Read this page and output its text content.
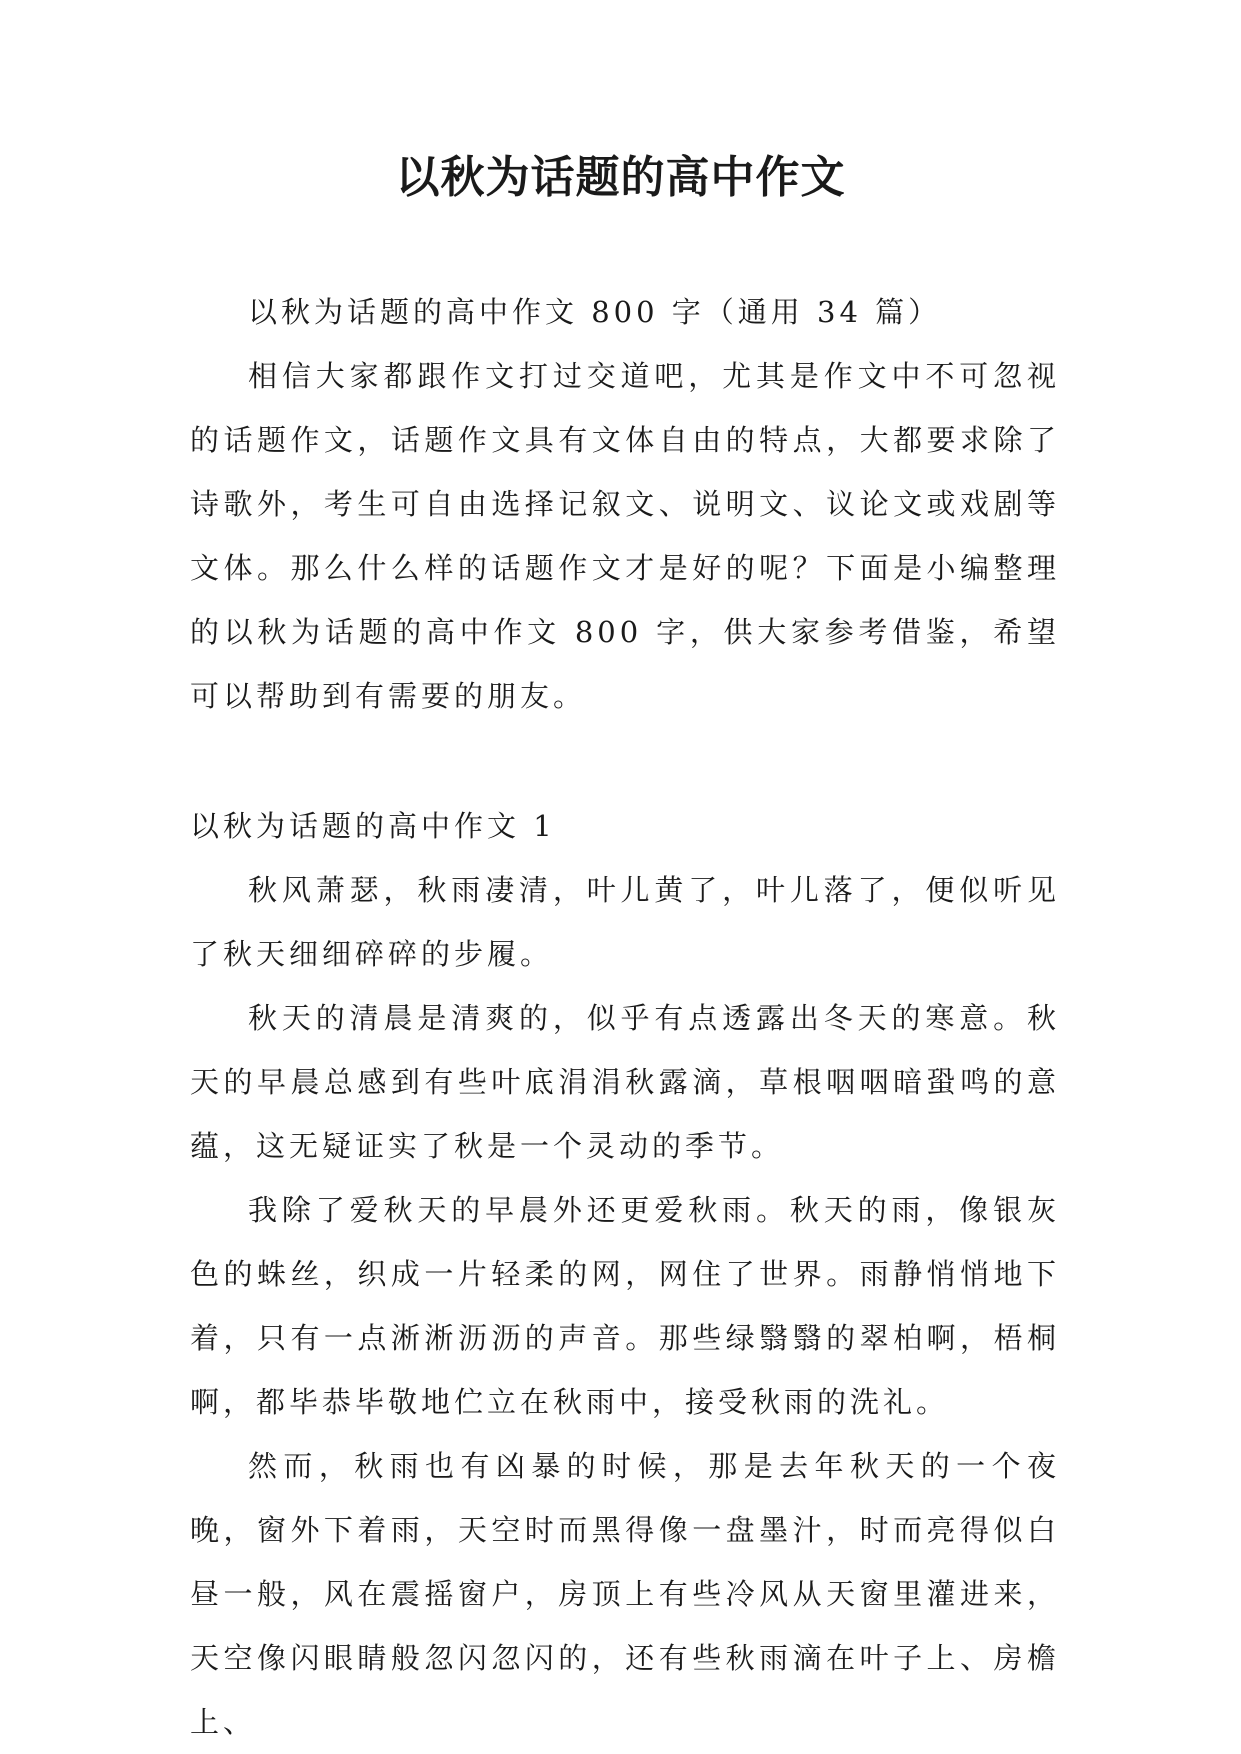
以秋为话题的高中作文

以秋为话题的高中作文 800 字（通用 34 篇）

相信大家都跟作文打过交道吧，尤其是作文中不可忽视的话题作文，话题作文具有文体自由的特点，大都要求除了诗歌外，考生可自由选择记叙文、说明文、议论文或戏剧等文体。那么什么样的话题作文才是好的呢？下面是小编整理的以秋为话题的高中作文 800 字，供大家参考借鉴，希望可以帮助到有需要的朋友。

以秋为话题的高中作文 1

秋风萧瑟，秋雨凄清，叶儿黄了，叶儿落了，便似听见了秋天细细碎碎的步履。

秋天的清晨是清爽的，似乎有点透露出冬天的寒意。秋天的早晨总感到有些叶底涓涓秋露滴，草根咽咽暗蛩鸣的意蕴，这无疑证实了秋是一个灵动的季节。

我除了爱秋天的早晨外还更爱秋雨。秋天的雨，像银灰色的蛛丝，织成一片轻柔的网，网住了世界。雨静悄悄地下着，只有一点淅淅沥沥的声音。那些绿翳翳的翠柏啊，梧桐啊，都毕恭毕敬地伫立在秋雨中，接受秋雨的洗礼。

然而，秋雨也有凶暴的时候，那是去年秋天的一个夜晚，窗外下着雨，天空时而黑得像一盘墨汁，时而亮得似白昼一般，风在震摇窗户，房顶上有些冷风从天窗里灌进来，天空像闪眼睛般忽闪忽闪的，还有些秋雨滴在叶子上、房檐上、
